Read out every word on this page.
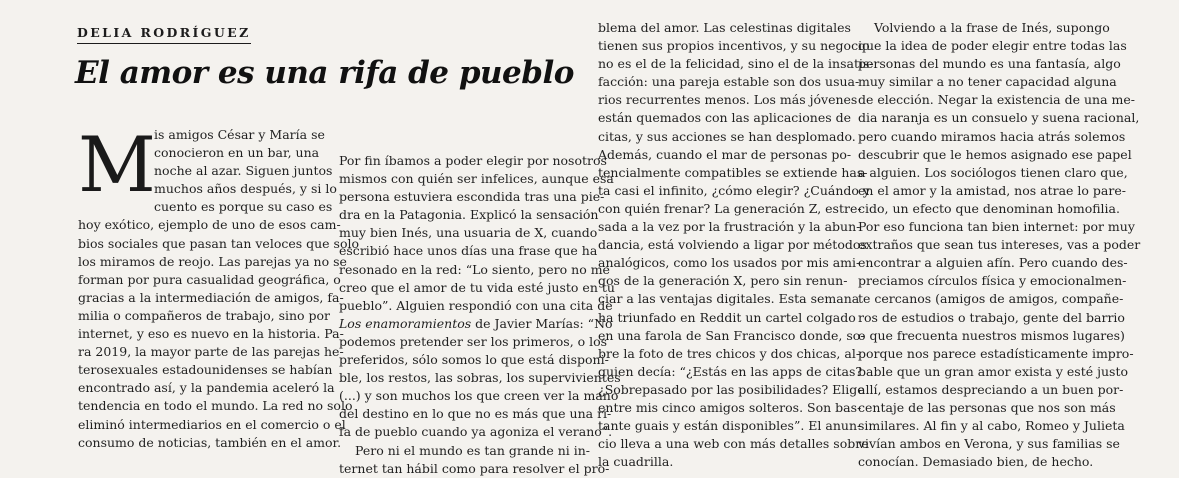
DELIA RODRÍGUEZ
El amor es una rifa de pueblo
M
is amigos César y María se
conocieron en un bar, una
noche al azar. Siguen juntos
muchos años después, y si lo
cuento es porque su caso es
hoy exótico, ejemplo de uno de esos cam-
bios sociales que pasan tan veloces que solo
los miramos de reojo. Las parejas ya no se
forman por pura casualidad geográfica, o
gracias a la intermediación de amigos, fa-
milia o compañeros de trabajo, sino por
internet, y eso es nuevo en la historia. Pa-
ra 2019, la mayor parte de las parejas he-
terosexuales estadounidenses se habían
encontrado así, y la pandemia aceleró la
tendencia en todo el mundo. La red no solo
eliminó intermediarios en el comercio o el
consumo de noticias, también en el amor.
Por fin íbamos a poder elegir por nosotros
mismos con quién ser infelices, aunque esa
persona estuviera escondida tras una pie-
dra en la Patagonia. Explicó la sensación
muy bien Inés, una usuaria de X, cuando
escribió hace unos días una frase que ha
resonado en la red: “Lo siento, pero no me
creo que el amor de tu vida esté justo en tu
pueblo”. Alguien respondió con una cita de
Los enamoramientos de Javier Marías: “No
podemos pretender ser los primeros, o los
preferidos, sólo somos lo que está disponi-
ble, los restos, las sobras, los supervivientes
(...) y son muchos los que creen ver la mano
del destino en lo que no es más que una ri-
fa de pueblo cuando ya agoniza el verano”.
Pero ni el mundo es tan grande ni in-
ternet tan hábil como para resolver el pro-
blema del amor. Las celestinas digitales
tienen sus propios incentivos, y su negocio
no es el de la felicidad, sino el de la insatis-
facción: una pareja estable son dos usua-
rios recurrentes menos. Los más jóvenes
están quemados con las aplicaciones de
citas, y sus acciones se han desplomado.
Además, cuando el mar de personas po-
tencialmente compatibles se extiende has-
ta casi el infinito, ¿cómo elegir? ¿Cuándo y
con quién frenar? La generación Z, estre-
sada a la vez por la frustración y la abun-
dancia, está volviendo a ligar por métodos
analógicos, como los usados por mis ami-
gos de la generación X, pero sin renun-
ciar a las ventajas digitales. Esta semana
ha triunfado en Reddit un cartel colgado
en una farola de San Francisco donde, so-
bre la foto de tres chicos y dos chicas, al-
guien decía: “¿Estás en las apps de citas?
¿Sobrepasado por las posibilidades? Elige
entre mis cinco amigos solteros. Son bas-
tante guais y están disponibles”. El anun-
cio lleva a una web con más detalles sobre
la cuadrilla.
Volviendo a la frase de Inés, supongo
que la idea de poder elegir entre todas las
personas del mundo es una fantasía, algo
muy similar a no tener capacidad alguna
de elección. Negar la existencia de una me-
dia naranja es un consuelo y suena racional,
pero cuando miramos hacia atrás solemos
descubrir que le hemos asignado ese papel
a alguien. Los sociólogos tienen claro que,
en el amor y la amistad, nos atrae lo pare-
cido, un efecto que denominan homofilia.
Por eso funciona tan bien internet: por muy
extraños que sean tus intereses, vas a poder
encontrar a alguien afín. Pero cuando des-
preciamos círculos física y emocionalmen-
te cercanos (amigos de amigos, compañe-
ros de estudios o trabajo, gente del barrio
o que frecuenta nuestros mismos lugares)
porque nos parece estadísticamente impro-
bable que un gran amor exista y esté justo
allí, estamos despreciando a un buen por-
centaje de las personas que nos son más
similares. Al fin y al cabo, Romeo y Julieta
vivían ambos en Verona, y sus familias se
conocían. Demasiado bien, de hecho.
